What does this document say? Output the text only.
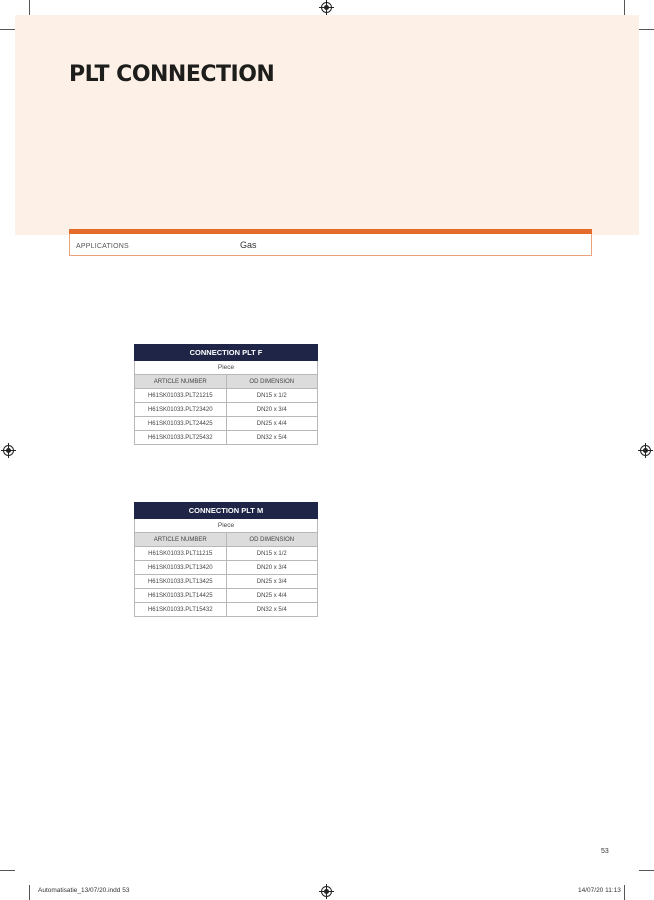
PLT CONNECTION
APPLICATIONS	Gas
CONNECTION PLT F	
Piece	
ARTICLE NUMBER	OD DIMENSION
H61SK01033.PLT21215	DN15 x 1/2
H61SK01033.PLT23420	DN20 x 3/4
H61SK01033.PLT24425	DN25 x 4/4
H61SK01033.PLT25432	DN32 x 5/4
CONNECTION PLT M	
Piece	
ARTICLE NUMBER	OD DIMENSION
H61SK01033.PLT11215	DN15 x 1/2
H61SK01033.PLT13420	DN20 x 3/4
H61SK01033.PLT13425	DN25 x 3/4
H61SK01033.PLT14425	DN25 x 4/4
H61SK01033.PLT15432	DN32 x 5/4
53
Automatisatie_13/07/20.indd 53	14/07/20 11:13
